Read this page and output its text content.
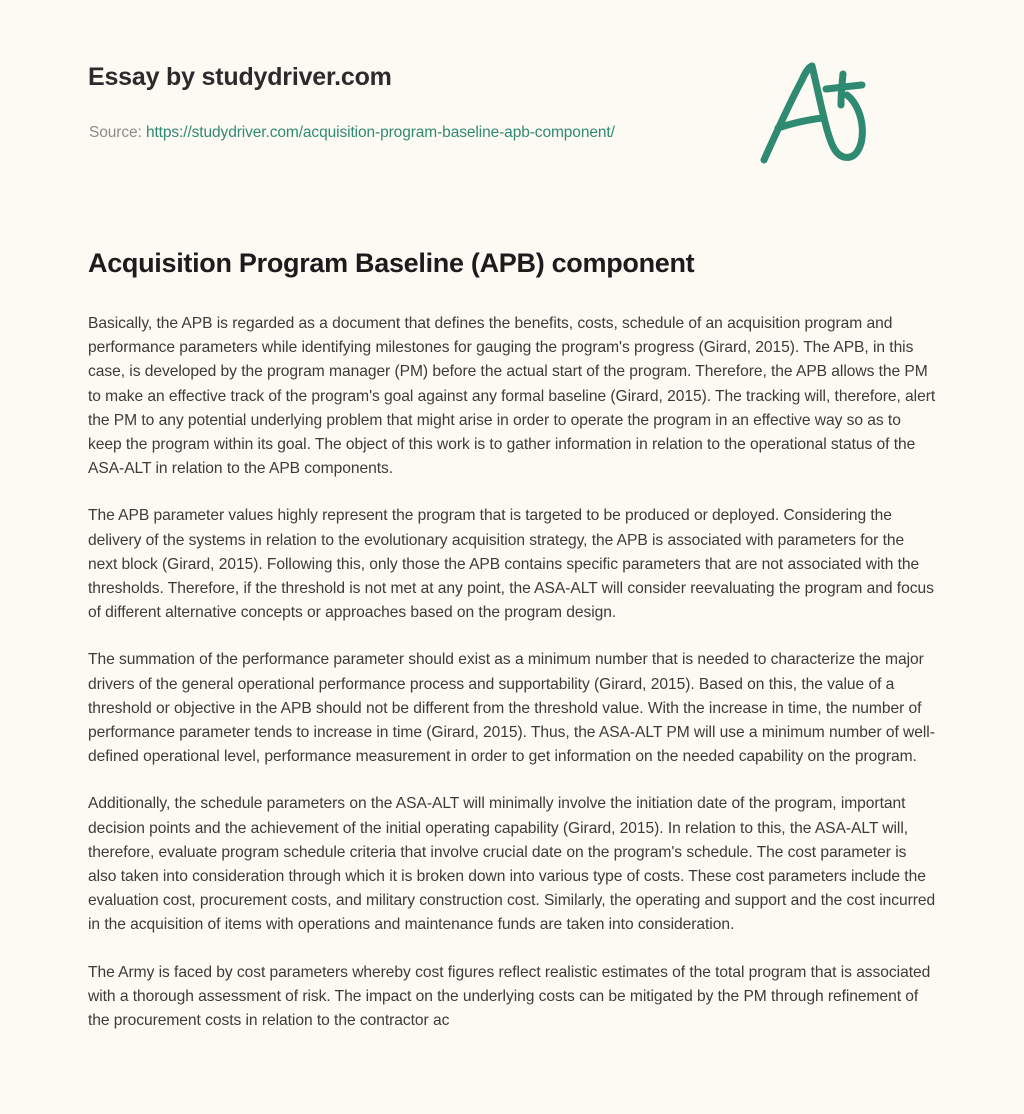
Essay by studydriver.com
Source: https://studydriver.com/acquisition-program-baseline-apb-component/
Acquisition Program Baseline (APB) component

Basically, the APB is regarded as a document that defines the benefits, costs, schedule of an acquisition program and performance parameters while identifying milestones for gauging the program's progress (Girard, 2015). The APB, in this case, is developed by the program manager (PM) before the actual start of the program. Therefore, the APB allows the PM to make an effective track of the program's goal against any formal baseline (Girard, 2015). The tracking will, therefore, alert the PM to any potential underlying problem that might arise in order to operate the program in an effective way so as to keep the program within its goal. The object of this work is to gather information in relation to the operational status of the ASA-ALT in relation to the APB components.

The APB parameter values highly represent the program that is targeted to be produced or deployed. Considering the delivery of the systems in relation to the evolutionary acquisition strategy, the APB is associated with parameters for the next block (Girard, 2015). Following this, only those the APB contains specific parameters that are not associated with the thresholds. Therefore, if the threshold is not met at any point, the ASA-ALT will consider reevaluating the program and focus of different alternative concepts or approaches based on the program design.

The summation of the performance parameter should exist as a minimum number that is needed to characterize the major drivers of the general operational performance process and supportability (Girard, 2015). Based on this, the value of a threshold or objective in the APB should not be different from the threshold value. With the increase in time, the number of performance parameter tends to increase in time (Girard, 2015). Thus, the ASA-ALT PM will use a minimum number of well-defined operational level, performance measurement in order to get information on the needed capability on the program.

Additionally, the schedule parameters on the ASA-ALT will minimally involve the initiation date of the program, important decision points and the achievement of the initial operating capability (Girard, 2015). In relation to this, the ASA-ALT will, therefore, evaluate program schedule criteria that involve crucial date on the program's schedule. The cost parameter is also taken into consideration through which it is broken down into various type of costs. These cost parameters include the evaluation cost, procurement costs, and military construction cost. Similarly, the operating and support and the cost incurred in the acquisition of items with operations and maintenance funds are taken into consideration.

The Army is faced by cost parameters whereby cost figures reflect realistic estimates of the total program that is associated with a thorough assessment of risk. The impact on the underlying costs can be mitigated by the PM through refinement of the procurement costs in relation to the contractor ac
